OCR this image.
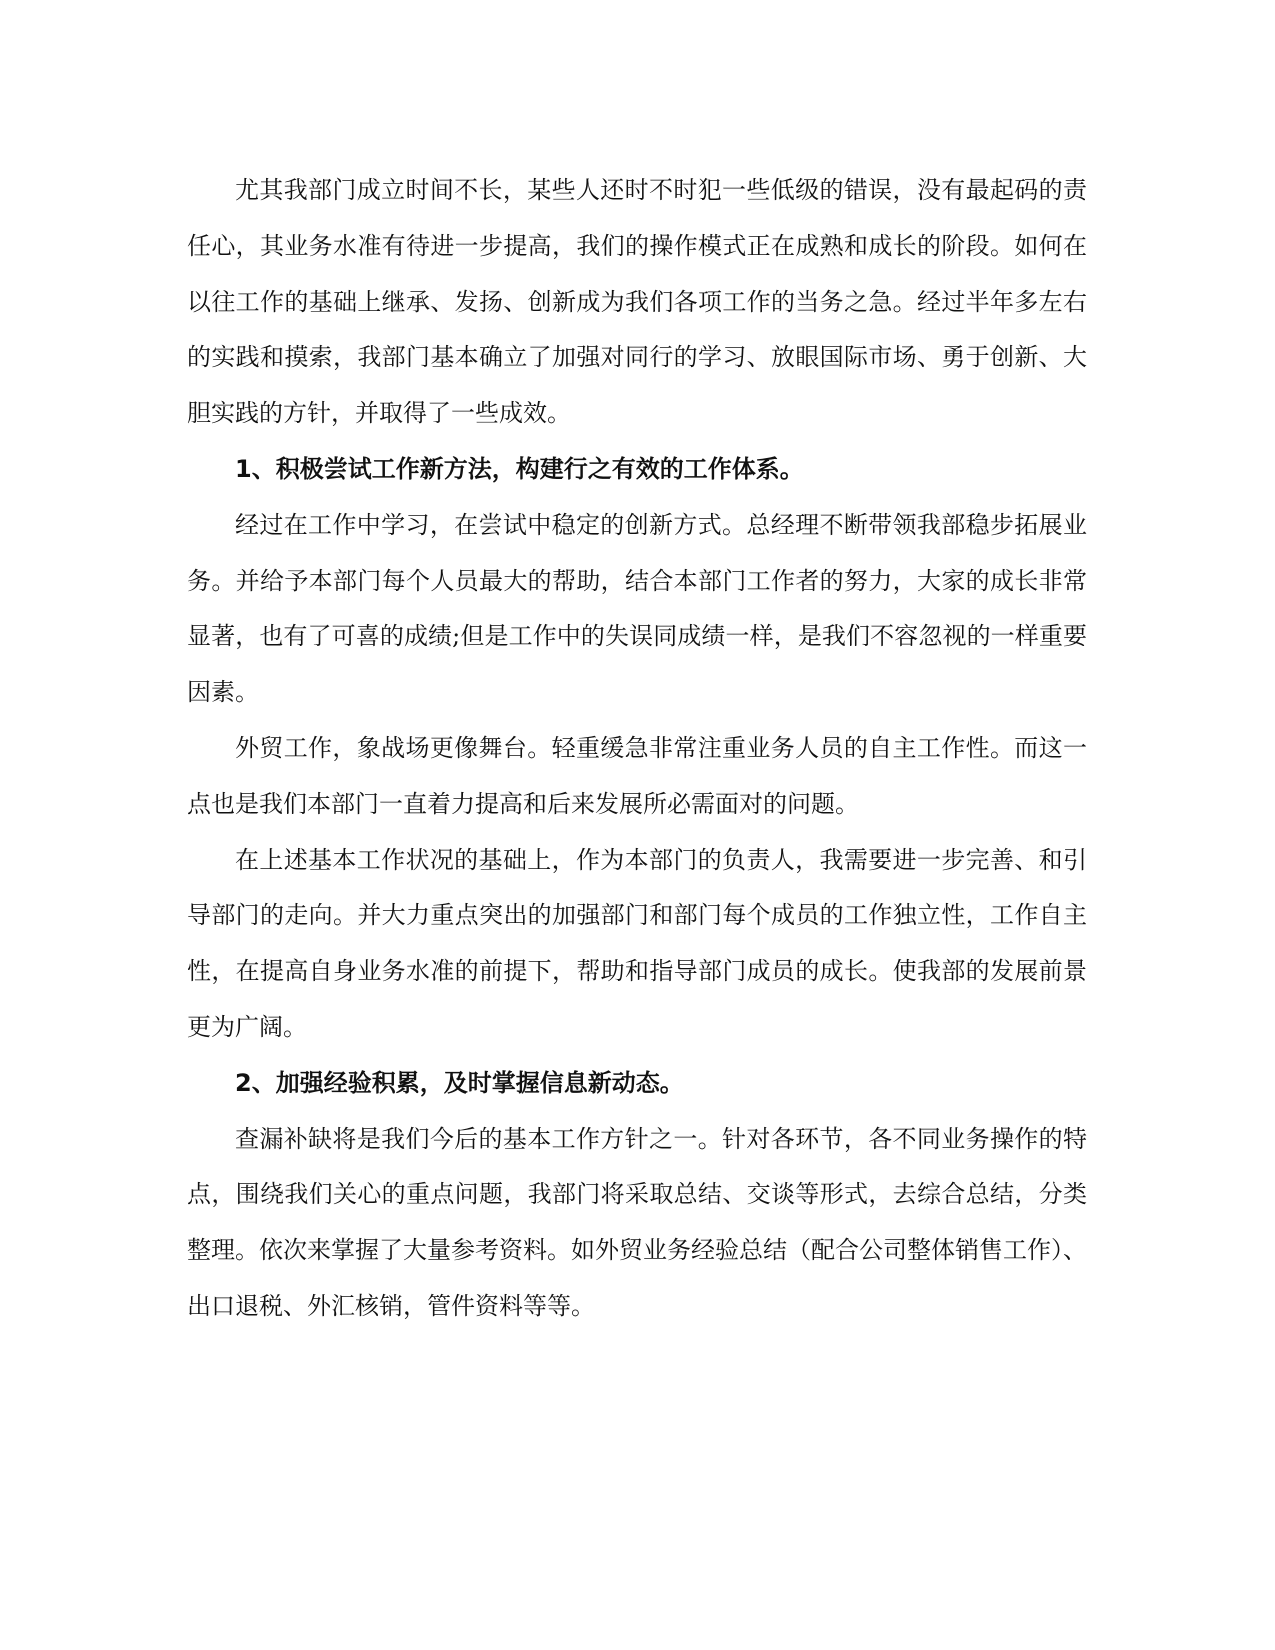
尤其我部门成立时间不长，某些人还时不时犯一些低级的错误，没有最起码的责任心，其业务水准有待进一步提高，我们的操作模式正在成熟和成长的阶段。如何在以往工作的基础上继承、发扬、创新成为我们各项工作的当务之急。经过半年多左右的实践和摸索，我部门基本确立了加强对同行的学习、放眼国际市场、勇于创新、大胆实践的方针，并取得了一些成效。

1、积极尝试工作新方法，构建行之有效的工作体系。

经过在工作中学习，在尝试中稳定的创新方式。总经理不断带领我部稳步拓展业务。并给予本部门每个人员最大的帮助，结合本部门工作者的努力，大家的成长非常显著，也有了可喜的成绩;但是工作中的失误同成绩一样，是我们不容忽视的一样重要因素。

外贸工作，象战场更像舞台。轻重缓急非常注重业务人员的自主工作性。而这一点也是我们本部门一直着力提高和后来发展所必需面对的问题。

在上述基本工作状况的基础上，作为本部门的负责人，我需要进一步完善、和引导部门的走向。并大力重点突出的加强部门和部门每个成员的工作独立性，工作自主性，在提高自身业务水准的前提下，帮助和指导部门成员的成长。使我部的发展前景更为广阔。

2、加强经验积累，及时掌握信息新动态。

查漏补缺将是我们今后的基本工作方针之一。针对各环节，各不同业务操作的特点，围绕我们关心的重点问题，我部门将采取总结、交谈等形式，去综合总结，分类整理。依次来掌握了大量参考资料。如外贸业务经验总结（配合公司整体销售工作）、出口退税、外汇核销，管件资料等等。
